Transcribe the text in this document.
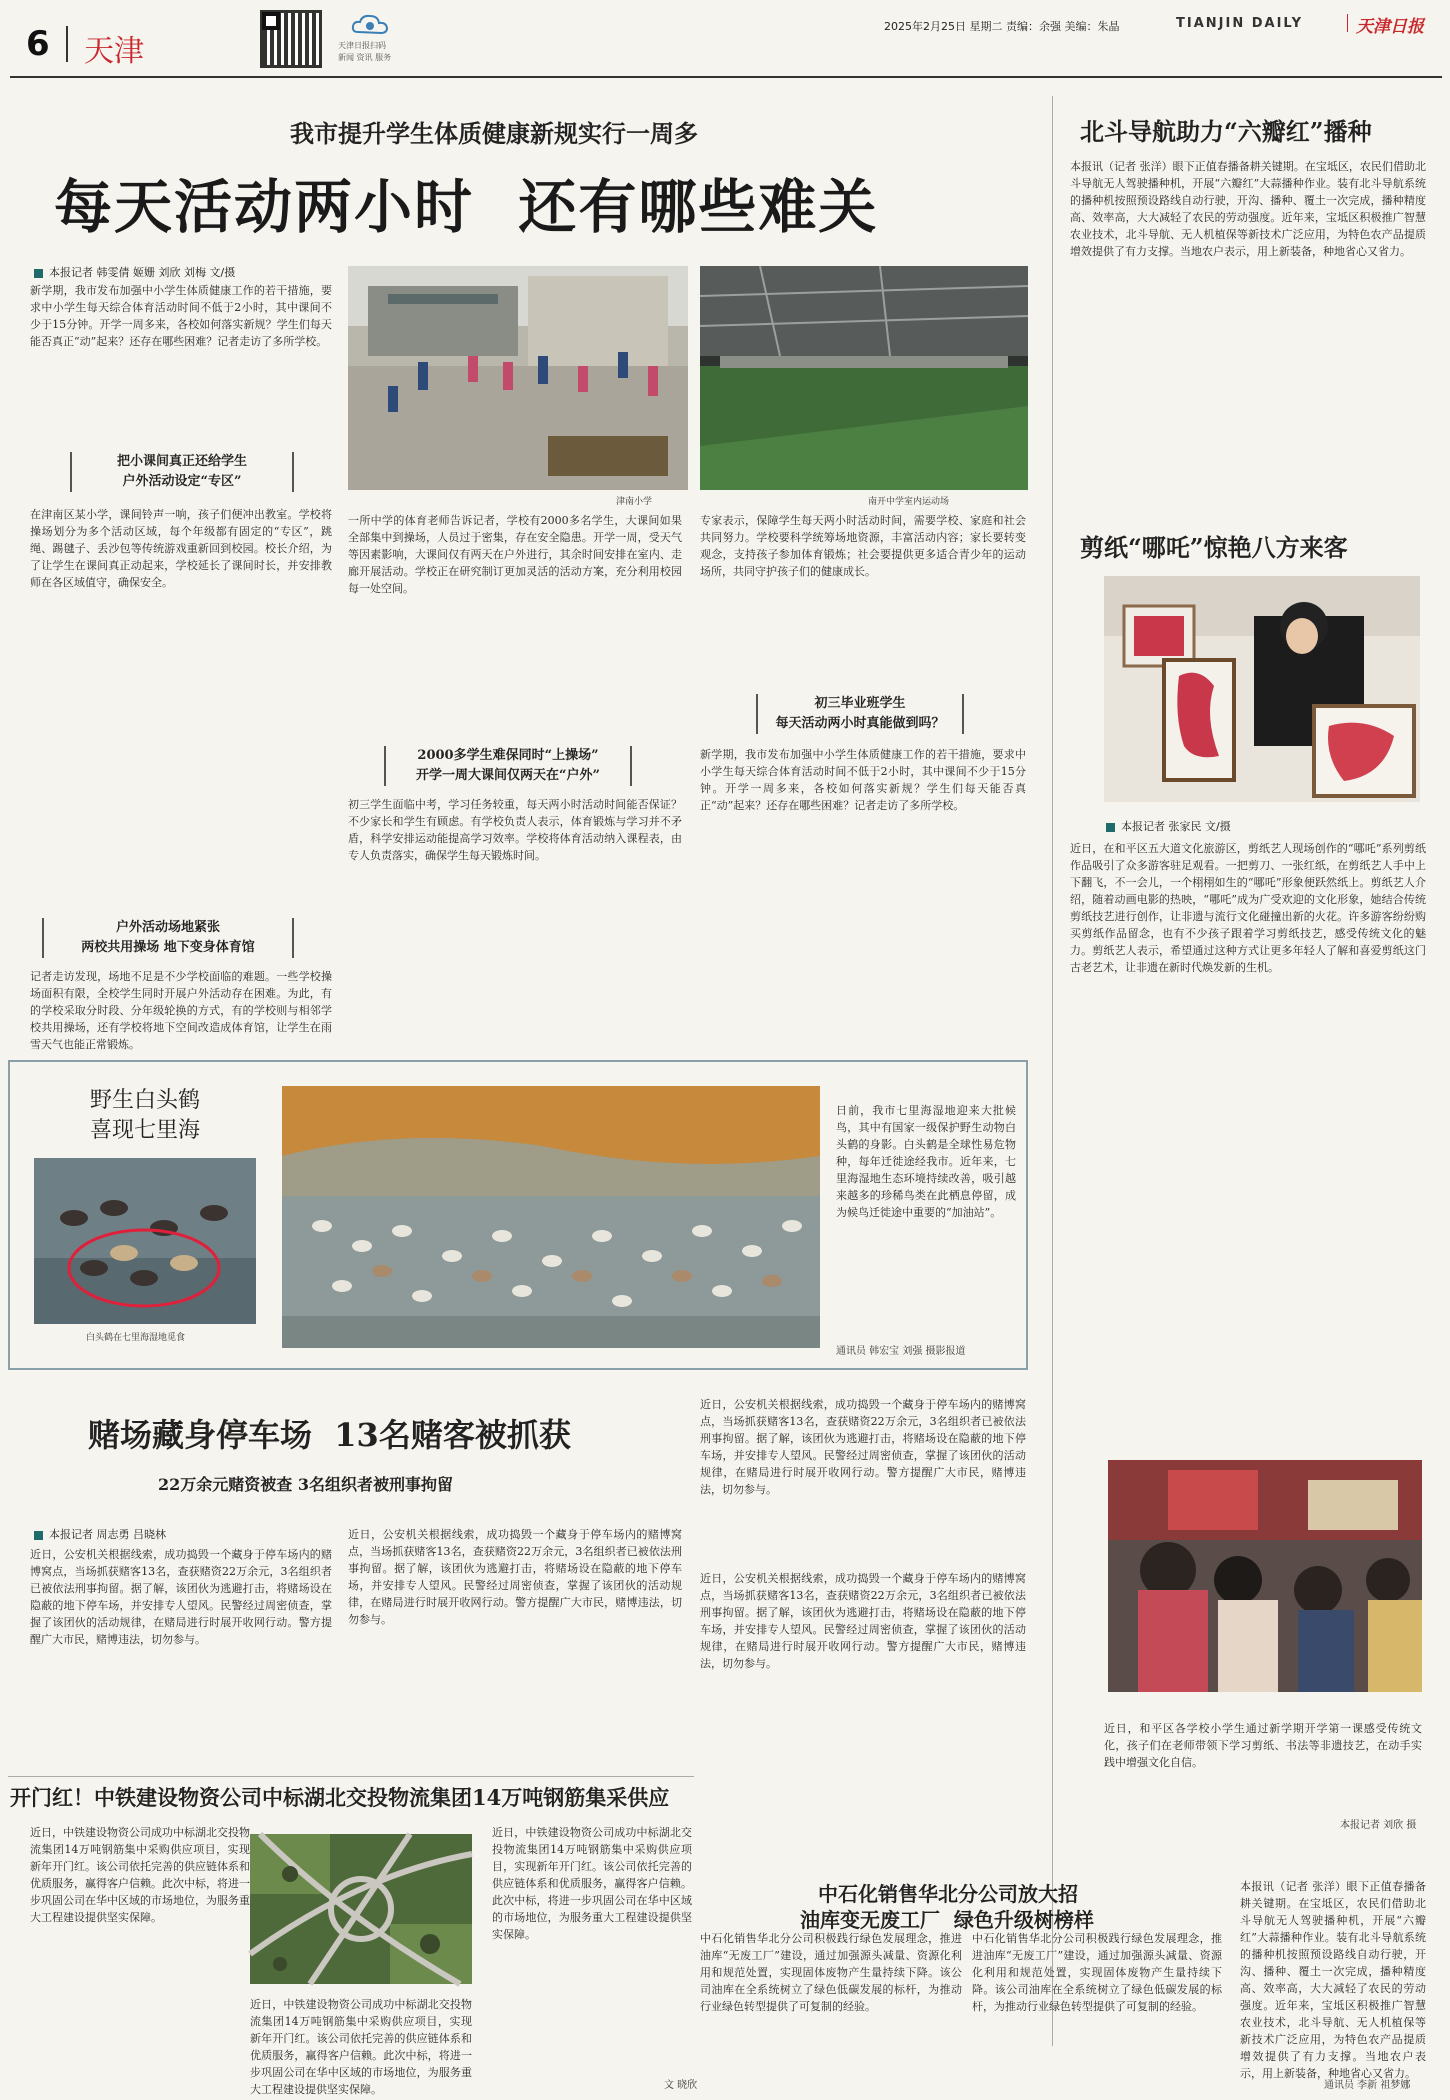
6 天津	天津日报扫码
新闻 资讯 服务
2025年2月25日 星期二 责编：余强 美编：朱晶	TIANJIN DAILY	天津日报
我市提升学生体质健康新规实行一周多
每天活动两小时  还有哪些难关
本报记者 韩雯倩 姬姗 刘欣 刘梅 文/摄
新学期，我市发布加强中小学生体质健康工作的若干措施，要求中小学生每天综合体育活动时间不低于2小时，其中课间不少于15分钟。开学一周多来，各校如何落实新规？学生们每天能否真正“动”起来？还存在哪些困难？记者走访了多所学校。
把小课间真正还给学生
户外活动设定“专区”
在津南区某小学，课间铃声一响，孩子们便冲出教室。学校将操场划分为多个活动区域，每个年级都有固定的“专区”，跳绳、踢毽子、丢沙包等传统游戏重新回到校园。校长介绍，为了让学生在课间真正动起来，学校延长了课间时长，并安排教师在各区域值守，确保安全。
户外活动场地紧张
两校共用操场 地下变身体育馆
记者走访发现，场地不足是不少学校面临的难题。一些学校操场面积有限，全校学生同时开展户外活动存在困难。为此，有的学校采取分时段、分年级轮换的方式，有的学校则与相邻学校共用操场，还有学校将地下空间改造成体育馆，让学生在雨雪天气也能正常锻炼。
津南小学	南开中学室内运动场
一所中学的体育老师告诉记者，学校有2000多名学生，大课间如果全部集中到操场，人员过于密集，存在安全隐患。开学一周，受天气等因素影响，大课间仅有两天在户外进行，其余时间安排在室内、走廊开展活动。学校正在研究制订更加灵活的活动方案，充分利用校园每一处空间。
2000多学生难保同时“上操场”
开学一周大课间仅两天在“户外”
初三学生面临中考，学习任务较重，每天两小时活动时间能否保证？不少家长和学生有顾虑。有学校负责人表示，体育锻炼与学习并不矛盾，科学安排运动能提高学习效率。学校将体育活动纳入课程表，由专人负责落实，确保学生每天锻炼时间。
专家表示，保障学生每天两小时活动时间，需要学校、家庭和社会共同努力。学校要科学统筹场地资源，丰富活动内容；家长要转变观念，支持孩子参加体育锻炼；社会要提供更多适合青少年的运动场所，共同守护孩子们的健康成长。
初三毕业班学生
每天活动两小时真能做到吗？
新学期，我市发布加强中小学生体质健康工作的若干措施，要求中小学生每天综合体育活动时间不低于2小时，其中课间不少于15分钟。开学一周多来，各校如何落实新规？学生们每天能否真正“动”起来？还存在哪些困难？记者走访了多所学校。
北斗导航助力“六瓣红”播种
本报讯（记者 张洋）眼下正值春播备耕关键期。在宝坻区，农民们借助北斗导航无人驾驶播种机，开展“六瓣红”大蒜播种作业。装有北斗导航系统的播种机按照预设路线自动行驶，开沟、播种、覆土一次完成，播种精度高、效率高，大大减轻了农民的劳动强度。近年来，宝坻区积极推广智慧农业技术，北斗导航、无人机植保等新技术广泛应用，为特色农产品提质增效提供了有力支撑。当地农户表示，用上新装备，种地省心又省力。
剪纸“哪吒”惊艳八方来客
本报记者 张家民 文/摄
近日，在和平区五大道文化旅游区，剪纸艺人现场创作的“哪吒”系列剪纸作品吸引了众多游客驻足观看。一把剪刀、一张红纸，在剪纸艺人手中上下翻飞，不一会儿，一个栩栩如生的“哪吒”形象便跃然纸上。剪纸艺人介绍，随着动画电影的热映，“哪吒”成为广受欢迎的文化形象，她结合传统剪纸技艺进行创作，让非遗与流行文化碰撞出新的火花。许多游客纷纷购买剪纸作品留念，也有不少孩子跟着学习剪纸技艺，感受传统文化的魅力。剪纸艺人表示，希望通过这种方式让更多年轻人了解和喜爱剪纸这门古老艺术，让非遗在新时代焕发新的生机。
近日，和平区各学校小学生通过新学期开学第一课感受传统文化，孩子们在老师带领下学习剪纸、书法等非遗技艺，在动手实践中增强文化自信。
本报记者 刘欣 摄
本报讯（记者 张洋）眼下正值春播备耕关键期。在宝坻区，农民们借助北斗导航无人驾驶播种机，开展“六瓣红”大蒜播种作业。装有北斗导航系统的播种机按照预设路线自动行驶，开沟、播种、覆土一次完成，播种精度高、效率高，大大减轻了农民的劳动强度。近年来，宝坻区积极推广智慧农业技术，北斗导航、无人机植保等新技术广泛应用，为特色农产品提质增效提供了有力支撑。当地农户表示，用上新装备，种地省心又省力。
通讯员 李新 祖梦娜
野生白头鹤
喜现七里海
白头鹤在七里海湿地觅食
日前，我市七里海湿地迎来大批候鸟，其中有国家一级保护野生动物白头鹤的身影。白头鹤是全球性易危物种，每年迁徙途经我市。近年来，七里海湿地生态环境持续改善，吸引越来越多的珍稀鸟类在此栖息停留，成为候鸟迁徙途中重要的“加油站”。
通讯员 韩宏宝 刘强 摄影报道
赌场藏身停车场  13名赌客被抓获
22万余元赌资被查 3名组织者被刑事拘留
本报记者 周志勇 吕晓林
近日，公安机关根据线索，成功捣毁一个藏身于停车场内的赌博窝点，当场抓获赌客13名，查获赌资22万余元，3名组织者已被依法刑事拘留。据了解，该团伙为逃避打击，将赌场设在隐蔽的地下停车场，并安排专人望风。民警经过周密侦查，掌握了该团伙的活动规律，在赌局进行时展开收网行动。警方提醒广大市民，赌博违法，切勿参与。
近日，公安机关根据线索，成功捣毁一个藏身于停车场内的赌博窝点，当场抓获赌客13名，查获赌资22万余元，3名组织者已被依法刑事拘留。据了解，该团伙为逃避打击，将赌场设在隐蔽的地下停车场，并安排专人望风。民警经过周密侦查，掌握了该团伙的活动规律，在赌局进行时展开收网行动。警方提醒广大市民，赌博违法，切勿参与。
近日，公安机关根据线索，成功捣毁一个藏身于停车场内的赌博窝点，当场抓获赌客13名，查获赌资22万余元，3名组织者已被依法刑事拘留。据了解，该团伙为逃避打击，将赌场设在隐蔽的地下停车场，并安排专人望风。民警经过周密侦查，掌握了该团伙的活动规律，在赌局进行时展开收网行动。警方提醒广大市民，赌博违法，切勿参与。
近日，公安机关根据线索，成功捣毁一个藏身于停车场内的赌博窝点，当场抓获赌客13名，查获赌资22万余元，3名组织者已被依法刑事拘留。据了解，该团伙为逃避打击，将赌场设在隐蔽的地下停车场，并安排专人望风。民警经过周密侦查，掌握了该团伙的活动规律，在赌局进行时展开收网行动。警方提醒广大市民，赌博违法，切勿参与。
开门红！中铁建设物资公司中标湖北交投物流集团14万吨钢筋集采供应
近日，中铁建设物资公司成功中标湖北交投物流集团14万吨钢筋集中采购供应项目，实现新年开门红。该公司依托完善的供应链体系和优质服务，赢得客户信赖。此次中标，将进一步巩固公司在华中区域的市场地位，为服务重大工程建设提供坚实保障。
近日，中铁建设物资公司成功中标湖北交投物流集团14万吨钢筋集中采购供应项目，实现新年开门红。该公司依托完善的供应链体系和优质服务，赢得客户信赖。此次中标，将进一步巩固公司在华中区域的市场地位，为服务重大工程建设提供坚实保障。
近日，中铁建设物资公司成功中标湖北交投物流集团14万吨钢筋集中采购供应项目，实现新年开门红。该公司依托完善的供应链体系和优质服务，赢得客户信赖。此次中标，将进一步巩固公司在华中区域的市场地位，为服务重大工程建设提供坚实保障。
文 晓欣
中石化销售华北分公司放大招
油库变无废工厂  绿色升级树榜样
中石化销售华北分公司积极践行绿色发展理念，推进油库“无废工厂”建设，通过加强源头减量、资源化利用和规范处置，实现固体废物产生量持续下降。该公司油库在全系统树立了绿色低碳发展的标杆，为推动行业绿色转型提供了可复制的经验。
中石化销售华北分公司积极践行绿色发展理念，推进油库“无废工厂”建设，通过加强源头减量、资源化利用和规范处置，实现固体废物产生量持续下降。该公司油库在全系统树立了绿色低碳发展的标杆，为推动行业绿色转型提供了可复制的经验。
